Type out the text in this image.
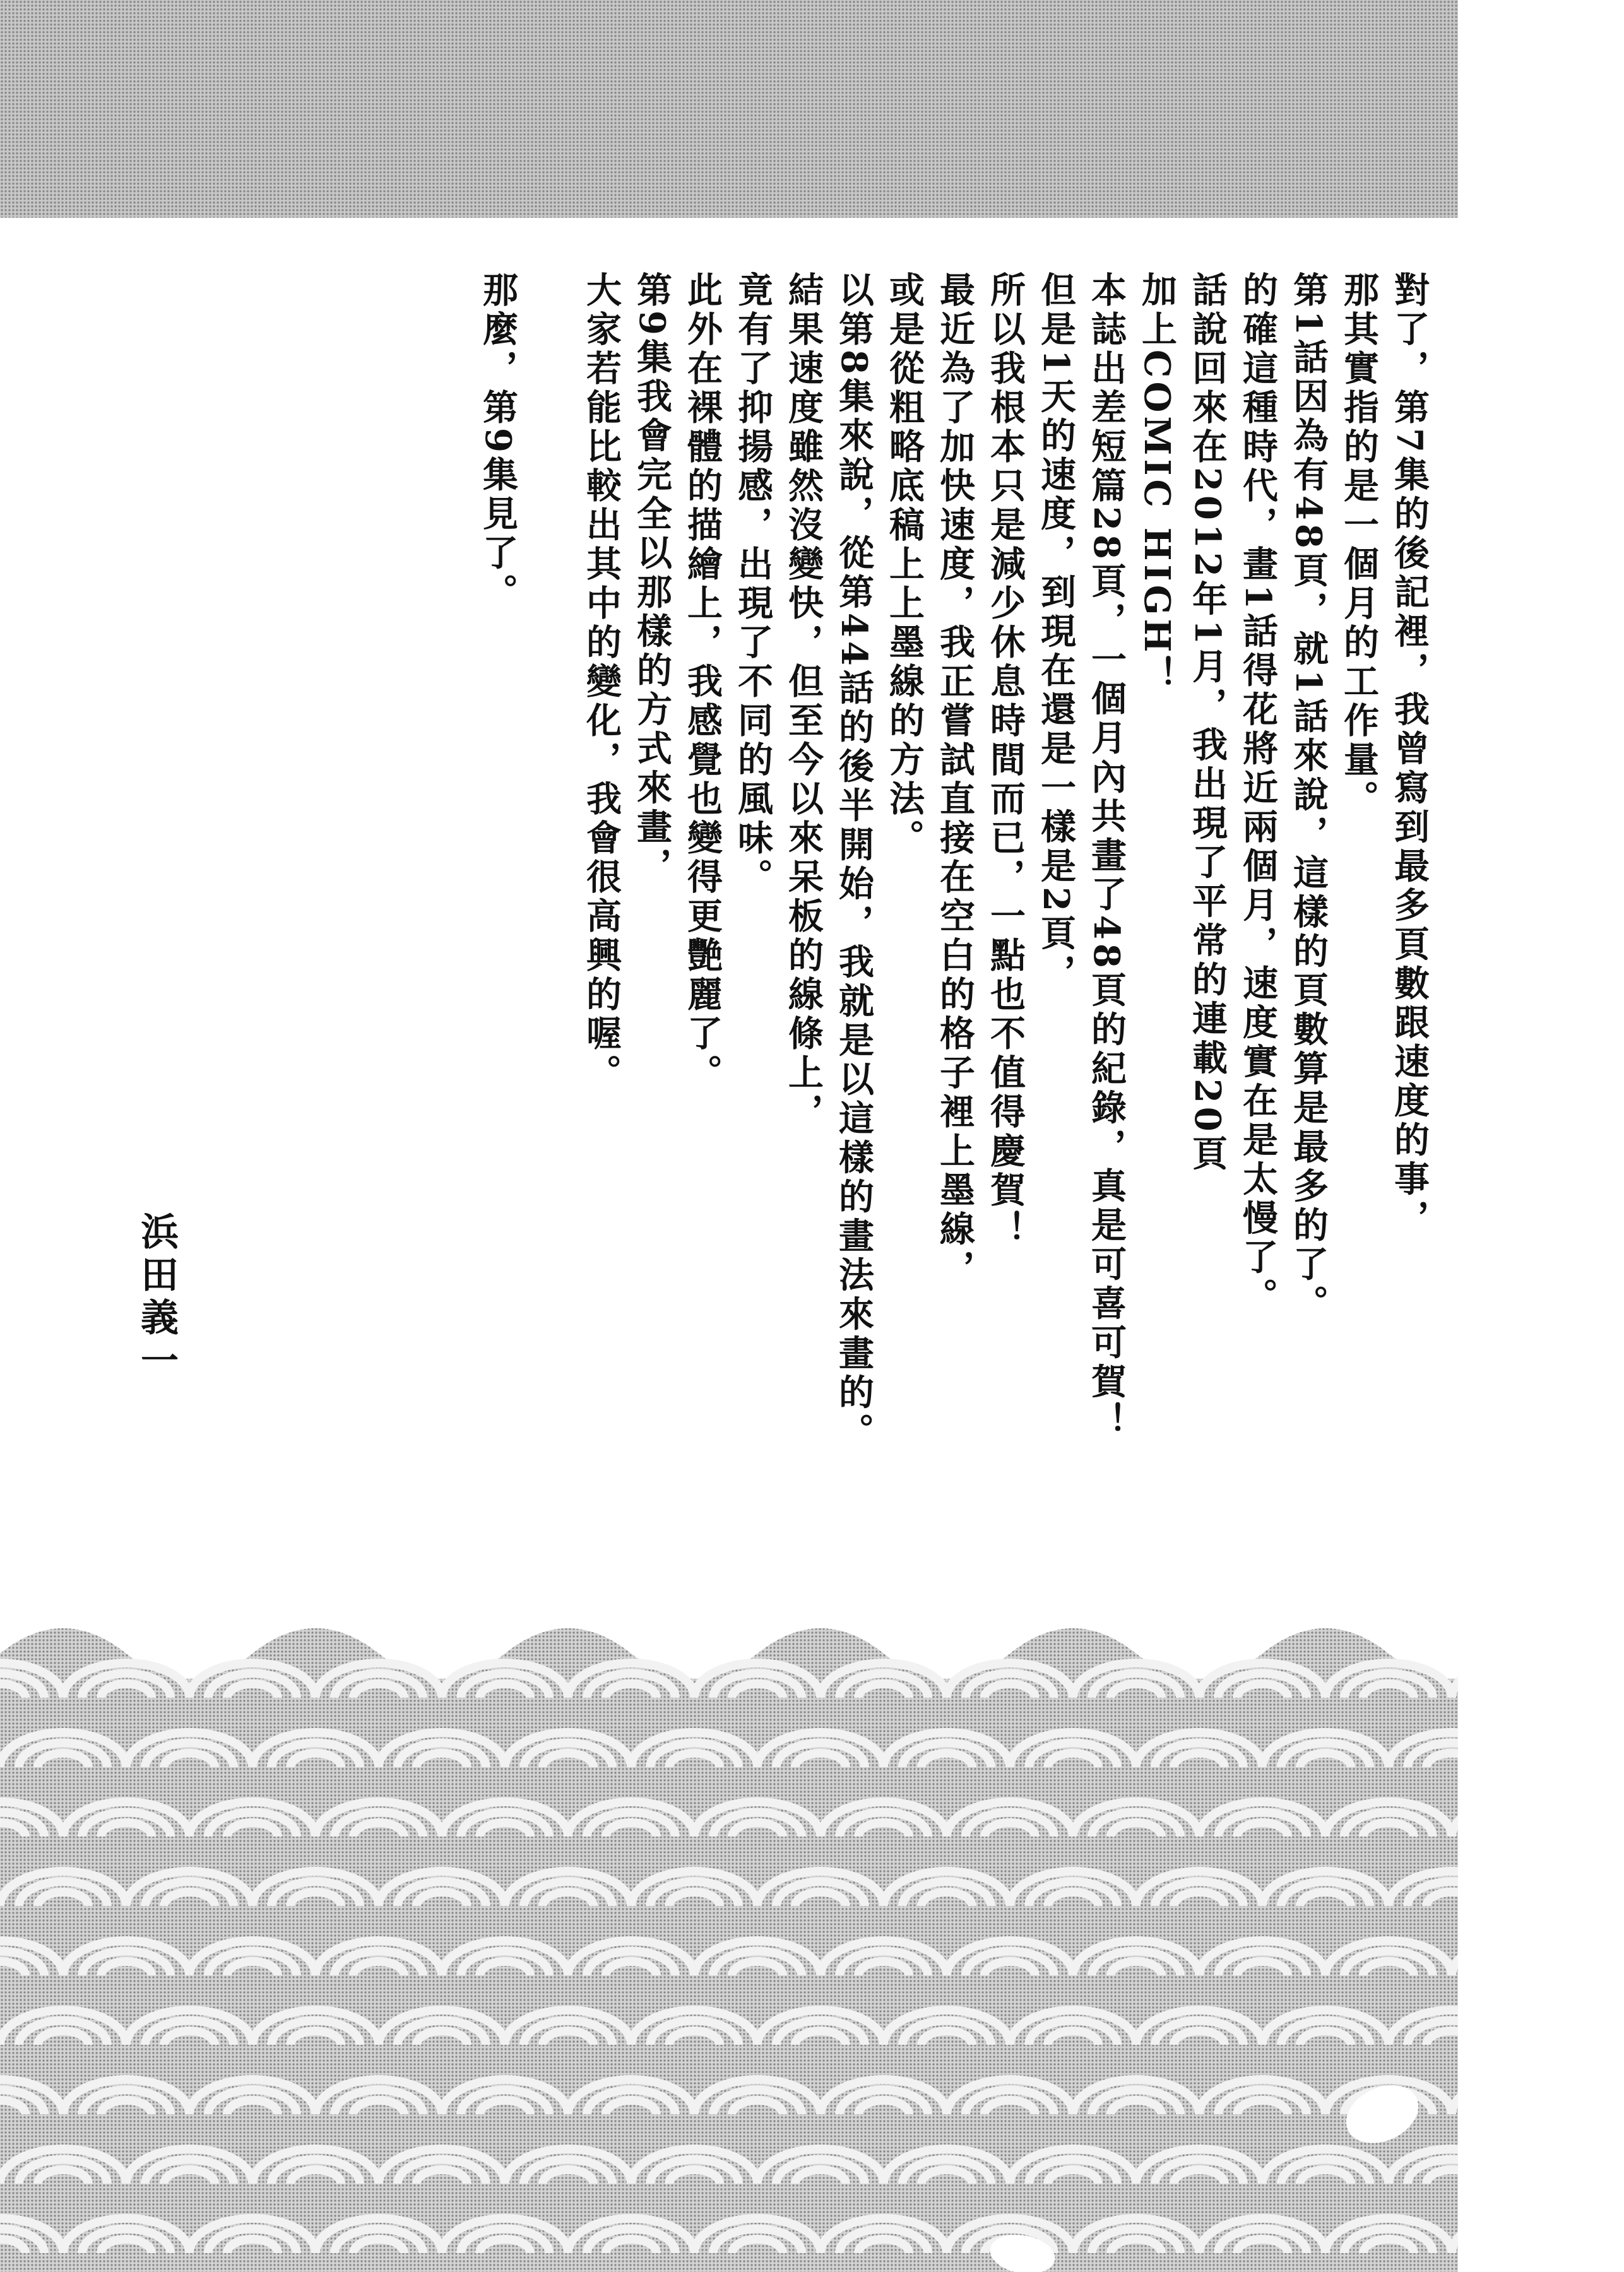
對了，第7集的後記裡，我曾寫到最多頁數跟速度的事，
那其實指的是一個月的工作量。
第1話因為有48頁，就1話來說，這樣的頁數算是最多的了。
的確這種時代，畫1話得花將近兩個月，速度實在是太慢了。
話說回來在2012年1月，我出現了平常的連載20頁
加上COMIC HIGH！
本誌出差短篇28頁，一個月內共畫了48頁的紀錄，真是可喜可賀！
但是1天的速度，到現在還是一樣是2頁，
所以我根本只是減少休息時間而已，一點也不值得慶賀！
最近為了加快速度，我正嘗試直接在空白的格子裡上墨線，
或是從粗略底稿上上墨線的方法。
以第8集來說，從第44話的後半開始，我就是以這樣的畫法來畫的。
結果速度雖然沒變快，但至今以來呆板的線條上，
竟有了抑揚感，出現了不同的風味。
此外在裸體的描繪上，我感覺也變得更艷麗了。
第9集我會完全以那樣的方式來畫，
大家若能比較出其中的變化，我會很高興的喔。
那麼，第9集見了。
浜田義一
